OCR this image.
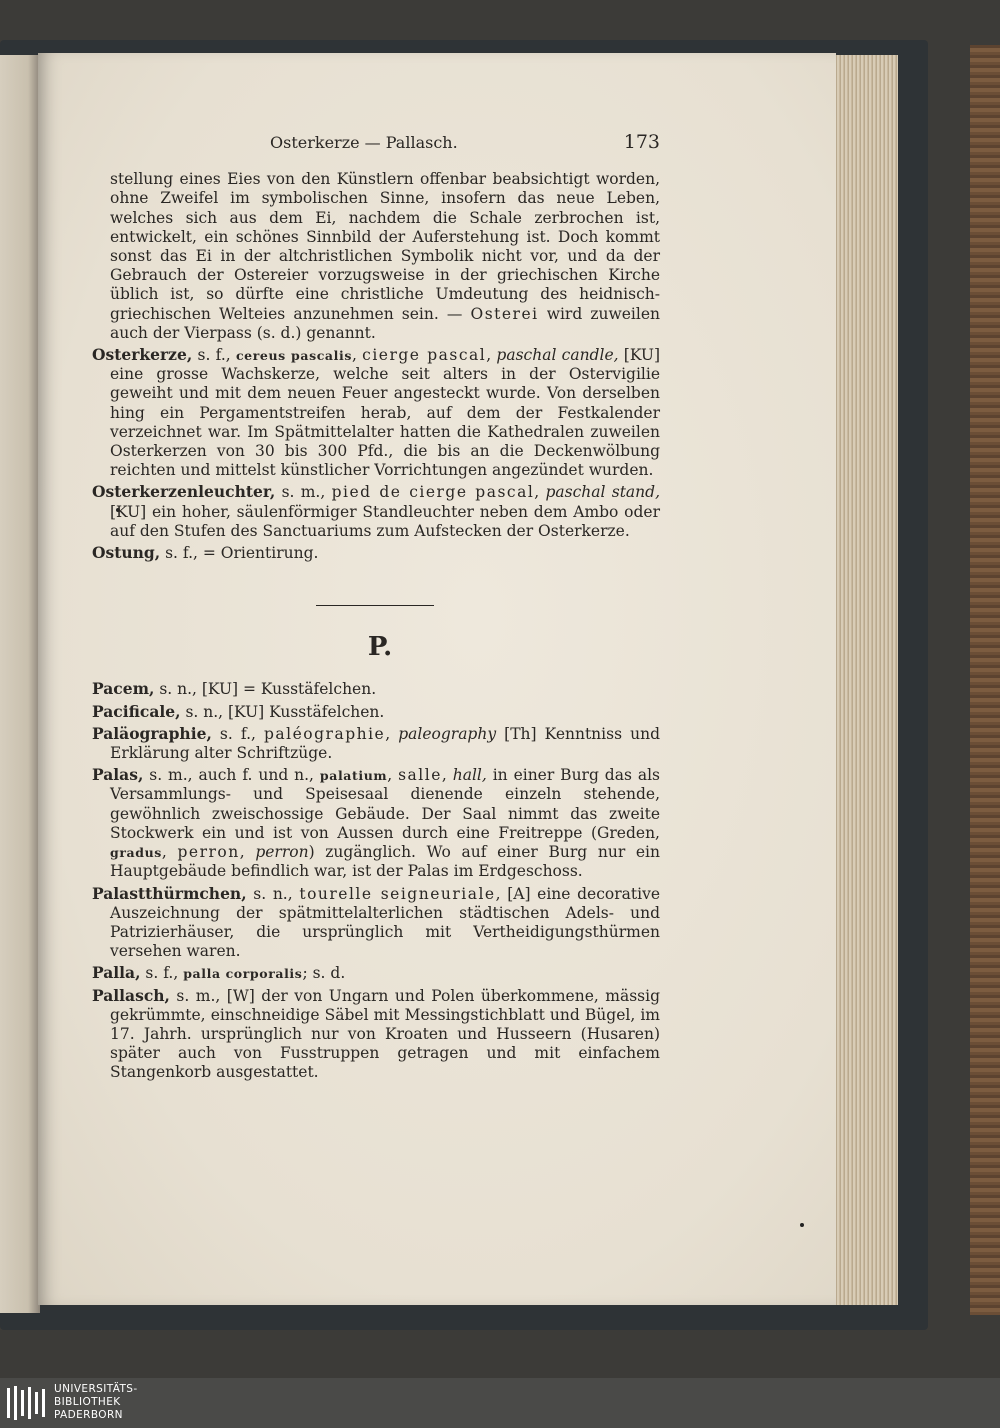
Osterkerze — Pallasch.	173

stellung eines Eies von den Künstlern offenbar beabsichtigt worden, ohne Zweifel im symbolischen Sinne, insofern das neue Leben, welches sich aus dem Ei, nachdem die Schale zerbrochen ist, entwickelt, ein schönes Sinnbild der Auferstehung ist. Doch kommt sonst das Ei in der altchristlichen Symbolik nicht vor, und da der Gebrauch der Ostereier vorzugsweise in der griechischen Kirche üblich ist, so dürfte eine christliche Umdeutung des heidnisch-griechischen Welteies anzunehmen sein. — Osterei wird zuweilen auch der Vierpass (s. d.) genannt.

Osterkerze, s. f., cereus pascalis, cierge pascal, paschal candle, [KU] eine grosse Wachskerze, welche seit alters in der Ostervigilie geweiht und mit dem neuen Feuer angesteckt wurde. Von derselben hing ein Pergamentstreifen herab, auf dem der Festkalender verzeichnet war. Im Spätmittelalter hatten die Kathedralen zuweilen Osterkerzen von 30 bis 300 Pfd., die bis an die Deckenwölbung reichten und mittelst künstlicher Vorrichtungen angezündet wurden.

Osterkerzenleuchter, s. m., pied de cierge pascal, paschal stand, [KU] ein hoher, säulenförmiger Standleuchter neben dem Ambo oder auf den Stufen des Sanctuariums zum Aufstecken der Osterkerze.

Ostung, s. f., = Orientirung.

P.

Pacem, s. n., [KU] = Kusstäfelchen.

Pacificale, s. n., [KU] Kusstäfelchen.

Paläographie, s. f., paléographie, paleography [Th] Kenntniss und Erklärung alter Schriftzüge.

Palas, s. m., auch f. und n., palatium, salle, hall, in einer Burg das als Versammlungs- und Speisesaal dienende einzeln stehende, gewöhnlich zweischossige Gebäude. Der Saal nimmt das zweite Stockwerk ein und ist von Aussen durch eine Freitreppe (Greden, gradus, perron, perron) zugänglich. Wo auf einer Burg nur ein Hauptgebäude befindlich war, ist der Palas im Erdgeschoss.

Palastthürmchen, s. n., tourelle seigneuriale, [A] eine decorative Auszeichnung der spätmittelalterlichen städtischen Adels- und Patrizierhäuser, die ursprünglich mit Vertheidigungsthürmen versehen waren.

Palla, s. f., palla corporalis; s. d.

Pallasch, s. m., [W] der von Ungarn und Polen überkommene, mässig gekrümmte, einschneidige Säbel mit Messingstichblatt und Bügel, im 17. Jahrh. ursprünglich nur von Kroaten und Husseern (Husaren) später auch von Fusstruppen getragen und mit einfachem Stangenkorb ausgestattet.

UNIVERSITÄTS-
BIBLIOTHEK
PADERBORN
